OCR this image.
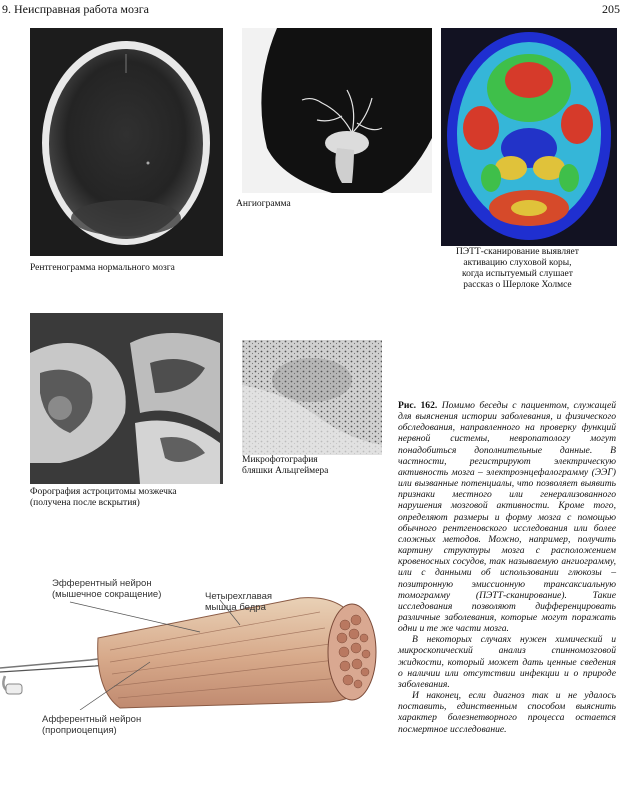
9. Неисправная работа мозга	205
Рентгенограмма нормального мозга
Ангиограмма
ПЭТТ-сканирование выявляет
активацию слуховой коры,
когда испытуемый слушает
рассказ о Шерлоке Холмсе
Форография астроцитомы мозжечка
(получена после вскрытия)
Микрофотография
бляшки Альцгеймера

Рис. 162. Помимо беседы с пациентом, служащей для выяснения истории заболевания, и физического обследования, направленного на проверку функций нервной системы, невропатологу могут понадобиться дополнительные данные. В частности, регистрируют электрическую активность мозга – электроэнцефалограмму (ЭЭГ) или вызванные потенциалы, что позволяет выявить признаки местного или генерализованного нарушения мозговой активности. Кроме того, определяют размеры и форму мозга с помощью обычного рентгеновского исследования или более сложных методов. Можно, например, получить картину структуры мозга с расположением кровеносных сосудов, так называемую ангиограмму, или с данными об использовании глюкозы – позитронную эмиссионную трансаксиальную томограмму (ПЭТТ-сканирование). Такие исследования позволяют дифференцировать различные заболевания, которые могут поражать одни и те же части мозга.

В некоторых случаях нужен химический и микроскопический анализ спинномозговой жидкости, который может дать ценные сведения о наличии или отсутствии инфекции и о природе заболевания.

И наконец, если диагноз так и не удалось поставить, единственным способом выяснить характер болезнетворного процесса остается посмертное исследование.

Эфферентный нейрон
(мышечное сокращение)	Четырехглавая
мышца бедра
Афферентный нейрон
(проприоцепция)
